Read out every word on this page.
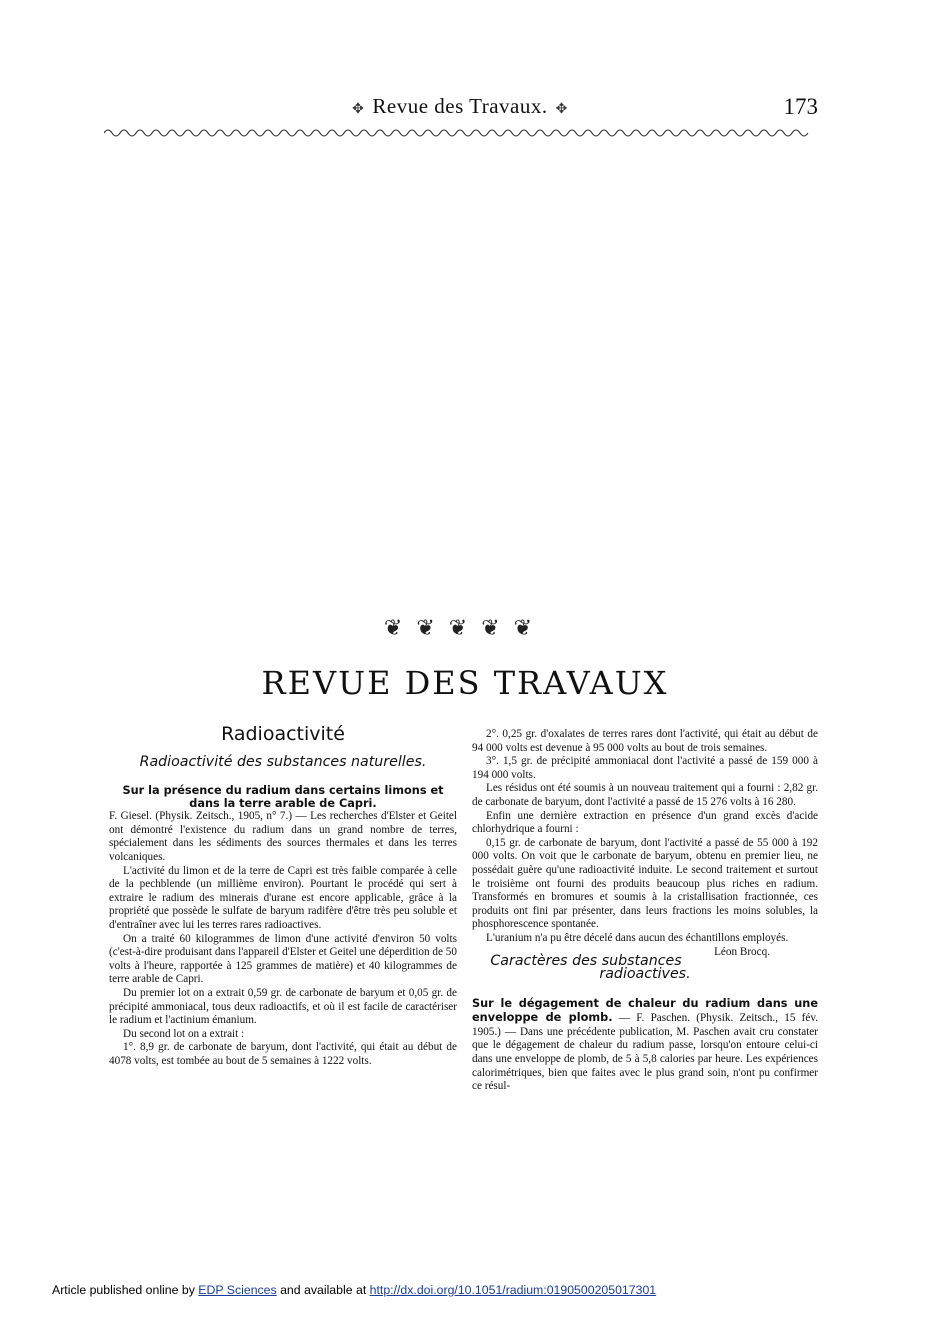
✥ Revue des Travaux. ✥	173
❦❦❦❦❦
REVUE DES TRAVAUX
Radioactivité
Radioactivité des substances naturelles.
Sur la présence du radium dans certains limons et dans la terre arable de Capri.

F. Giesel. (Physik. Zeitsch., 1905, n° 7.) — Les recherches d'Elster et Geitel ont démontré l'existence du radium dans un grand nombre de terres, spécialement dans les sédiments des sources thermales et dans les terres volcaniques.

L'activité du limon et de la terre de Capri est très faible comparée à celle de la pechblende (un millième environ). Pourtant le procédé qui sert à extraire le radium des minerais d'urane est encore applicable, grâce à la propriété que possède le sulfate de baryum radifère d'être très peu soluble et d'entraîner avec lui les terres rares radioactives.

On a traité 60 kilogrammes de limon d'une activité d'environ 50 volts (c'est-à-dire produisant dans l'appareil d'Elster et Geitel une déperdition de 50 volts à l'heure, rapportée à 125 grammes de matière) et 40 kilogrammes de terre arable de Capri.

Du premier lot on a extrait 0,59 gr. de carbonate de baryum et 0,05 gr. de précipité ammoniacal, tous deux radioactifs, et où il est facile de caractériser le radium et l'actinium émanium.

Du second lot on a extrait :

1°. 8,9 gr. de carbonate de baryum, dont l'activité, qui était au début de 4078 volts, est tombée au bout de 5 semaines à 1222 volts.

2°. 0,25 gr. d'oxalates de terres rares dont l'activité, qui était au début de 94 000 volts est devenue à 95 000 volts au bout de trois semaines.

3°. 1,5 gr. de précipité ammoniacal dont l'activité a passé de 159 000 à 194 000 volts.

Les résidus ont été soumis à un nouveau traitement qui a fourni : 2,82 gr. de carbonate de baryum, dont l'activité a passé de 15 276 volts à 16 280.

Enfin une dernière extraction en présence d'un grand excès d'acide chlorhydrique a fourni :

0,15 gr. de carbonate de baryum, dont l'activité a passé de 55 000 à 192 000 volts. On voit que le carbonate de baryum, obtenu en premier lieu, ne possédait guère qu'une radioactivité induite. Le second traitement et surtout le troisième ont fourni des produits beaucoup plus riches en radium. Transformés en bromures et soumis à la cristallisation fractionnée, ces produits ont fini par présenter, dans leurs fractions les moins solubles, la phosphorescence spontanée.

L'uranium n'a pu être décelé dans aucun des échantillons employés.
Léon Brocq.

Caractères des substances radioactives.

Sur le dégagement de chaleur du radium dans une enveloppe de plomb. — F. Paschen. (Physik. Zeitsch., 15 fév. 1905.) — Dans une précédente publication, M. Paschen avait cru constater que le dégagement de chaleur du radium passe, lorsqu'on entoure celui-ci dans une enveloppe de plomb, de 5 à 5,8 calories par heure. Les expériences calorimétriques, bien que faites avec le plus grand soin, n'ont pu confirmer ce résul-

Article published online by EDP Sciences and available at http://dx.doi.org/10.1051/radium:0190500205017301
